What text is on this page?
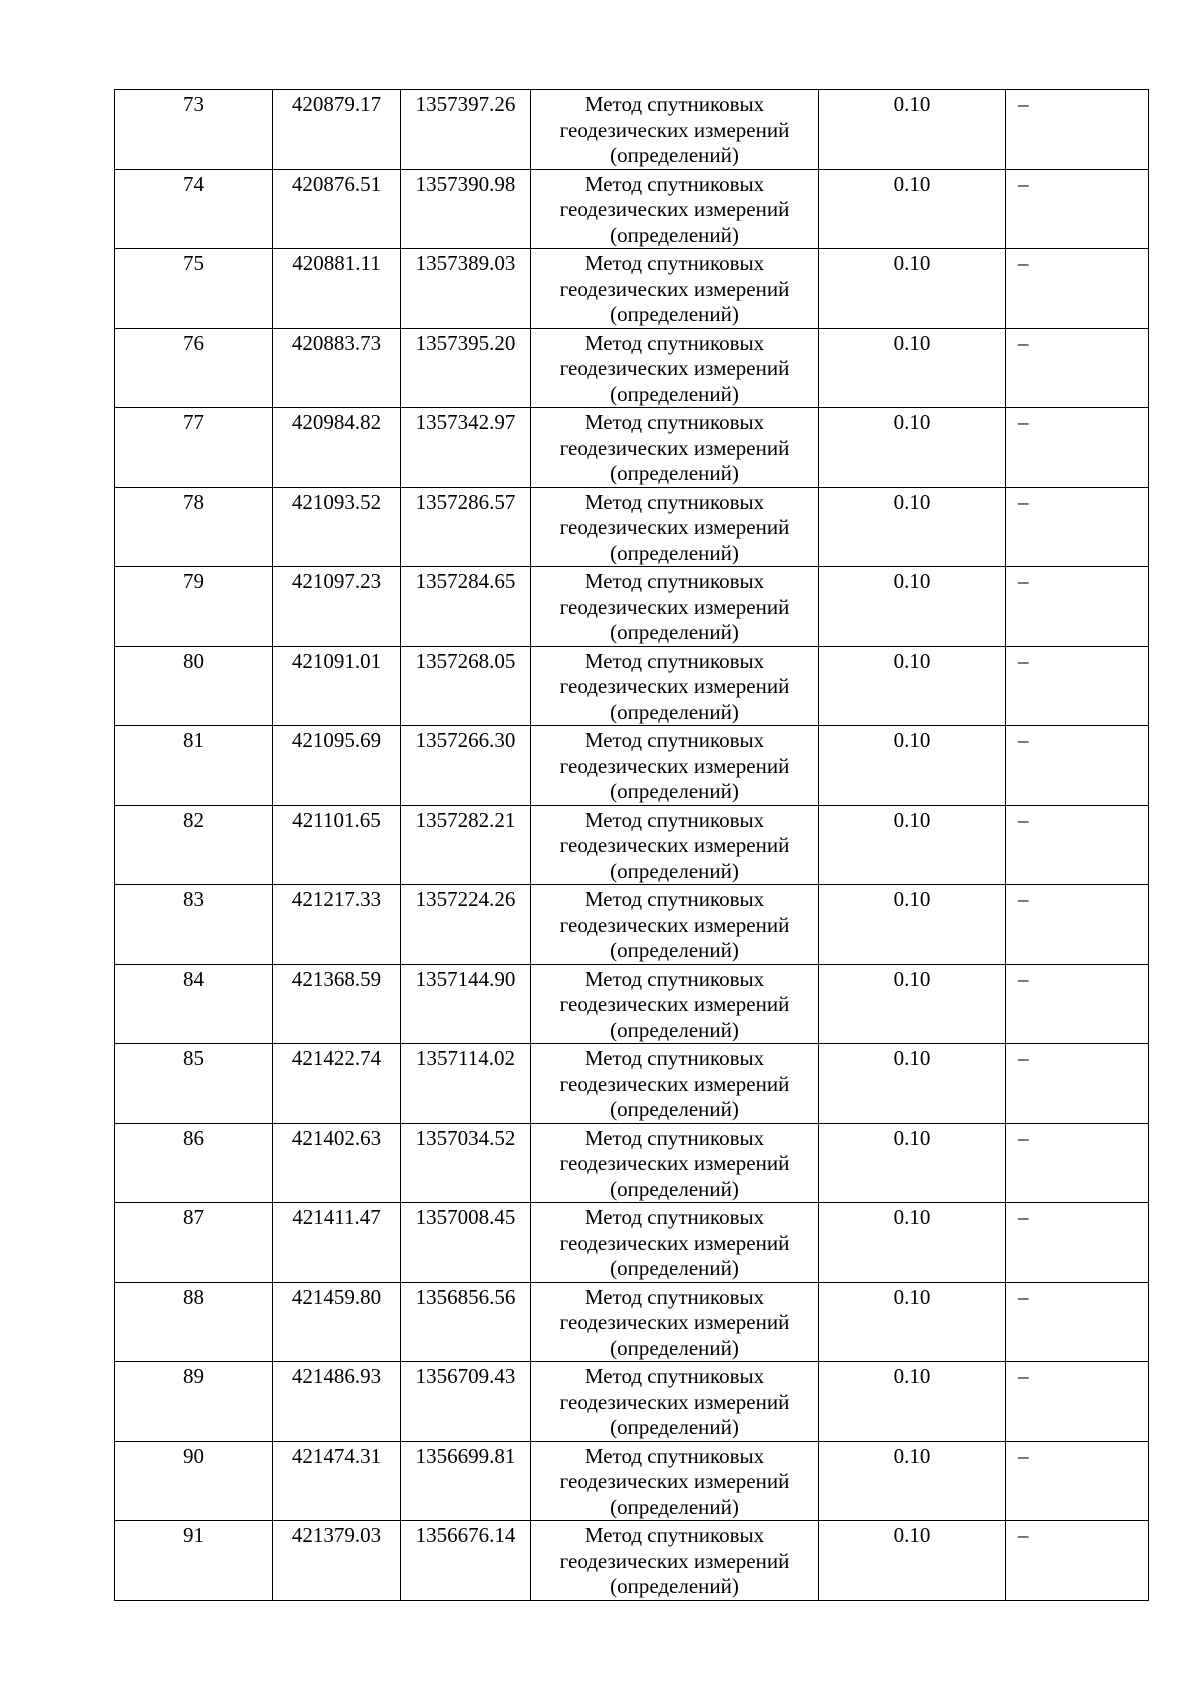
73	420879.17	1357397.26	Метод спутниковых геодезических измерений (определений)	0.10	–
74	420876.51	1357390.98	Метод спутниковых геодезических измерений (определений)	0.10	–
75	420881.11	1357389.03	Метод спутниковых геодезических измерений (определений)	0.10	–
76	420883.73	1357395.20	Метод спутниковых геодезических измерений (определений)	0.10	–
77	420984.82	1357342.97	Метод спутниковых геодезических измерений (определений)	0.10	–
78	421093.52	1357286.57	Метод спутниковых геодезических измерений (определений)	0.10	–
79	421097.23	1357284.65	Метод спутниковых геодезических измерений (определений)	0.10	–
80	421091.01	1357268.05	Метод спутниковых геодезических измерений (определений)	0.10	–
81	421095.69	1357266.30	Метод спутниковых геодезических измерений (определений)	0.10	–
82	421101.65	1357282.21	Метод спутниковых геодезических измерений (определений)	0.10	–
83	421217.33	1357224.26	Метод спутниковых геодезических измерений (определений)	0.10	–
84	421368.59	1357144.90	Метод спутниковых геодезических измерений (определений)	0.10	–
85	421422.74	1357114.02	Метод спутниковых геодезических измерений (определений)	0.10	–
86	421402.63	1357034.52	Метод спутниковых геодезических измерений (определений)	0.10	–
87	421411.47	1357008.45	Метод спутниковых геодезических измерений (определений)	0.10	–
88	421459.80	1356856.56	Метод спутниковых геодезических измерений (определений)	0.10	–
89	421486.93	1356709.43	Метод спутниковых геодезических измерений (определений)	0.10	–
90	421474.31	1356699.81	Метод спутниковых геодезических измерений (определений)	0.10	–
91	421379.03	1356676.14	Метод спутниковых геодезических измерений (определений)	0.10	–
